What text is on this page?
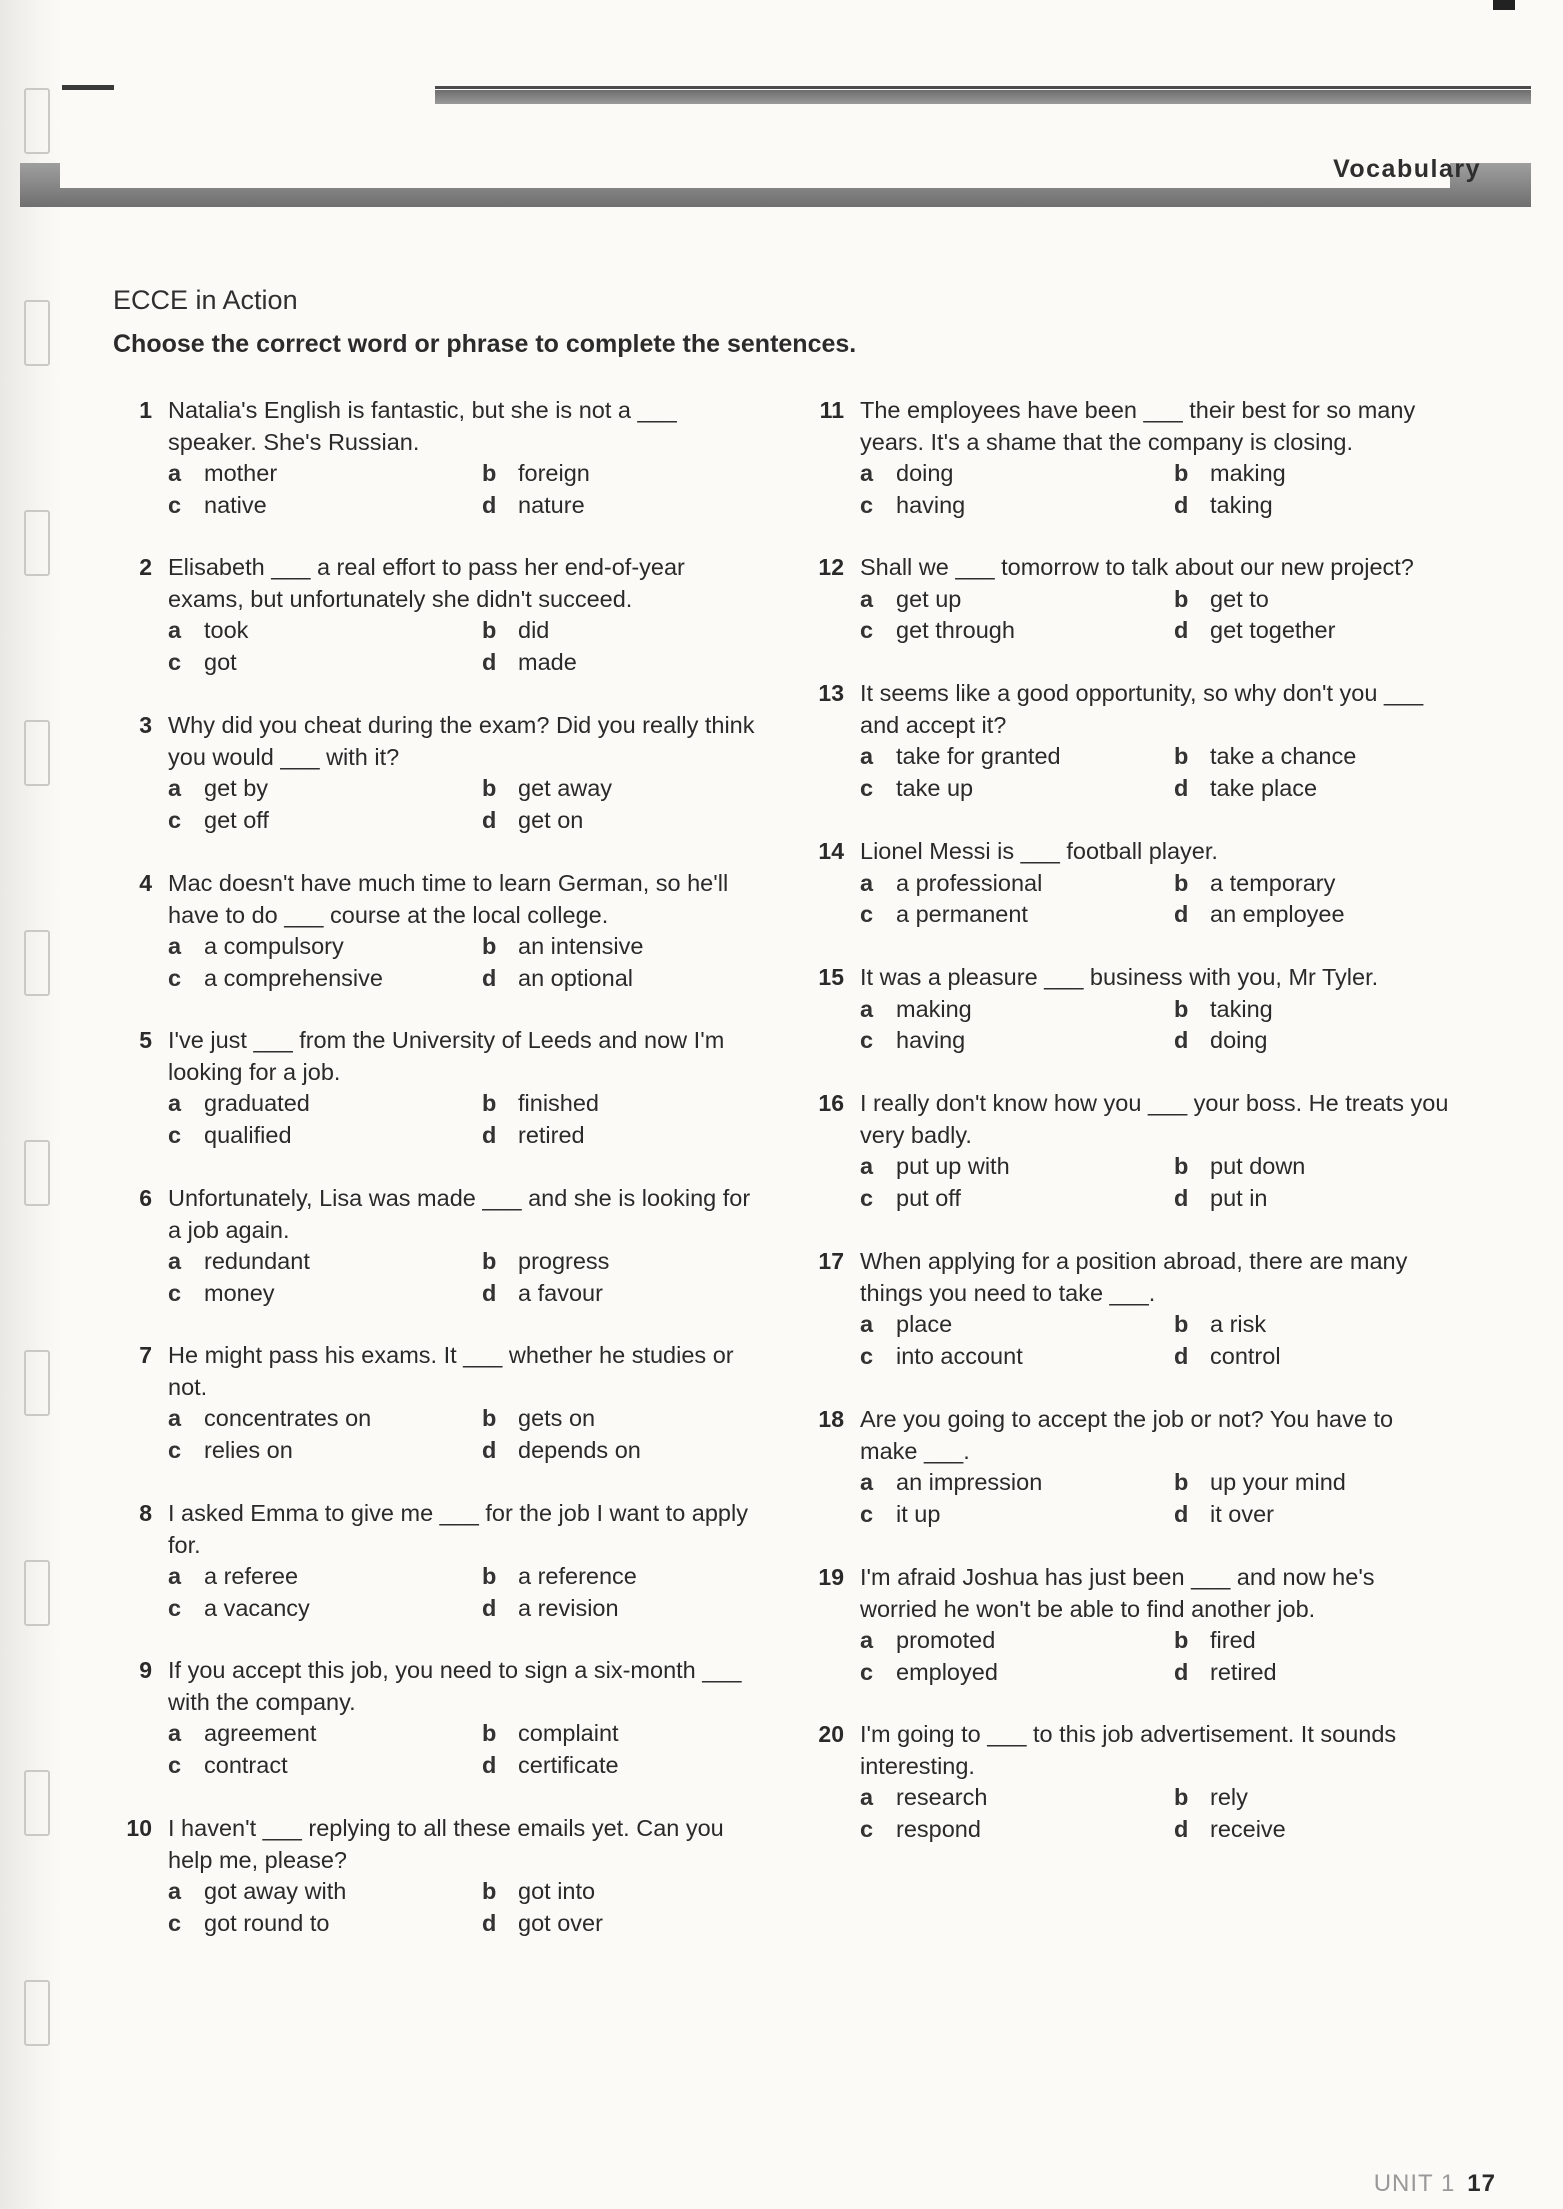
Vocabulary
ECCE in Action
Choose the correct word or phrase to complete the sentences.
1 Natalia's English is fantastic, but she is not a ___ speaker. She's Russian.
a mother	b foreign
c native	d nature
2 Elisabeth ___ a real effort to pass her end-of-year exams, but unfortunately she didn't succeed.
a took	b did
c got	d made
3 Why did you cheat during the exam? Did you really think you would ___ with it?
a get by	b get away
c get off	d get on
4 Mac doesn't have much time to learn German, so he'll have to do ___ course at the local college.
a a compulsory	b an intensive
c a comprehensive	d an optional
5 I've just ___ from the University of Leeds and now I'm looking for a job.
a graduated	b finished
c qualified	d retired
6 Unfortunately, Lisa was made ___ and she is looking for a job again.
a redundant	b progress
c money	d a favour
7 He might pass his exams. It ___ whether he studies or not.
a concentrates on	b gets on
c relies on	d depends on
8 I asked Emma to give me ___ for the job I want to apply for.
a a referee	b a reference
c a vacancy	d a revision
9 If you accept this job, you need to sign a six-month ___ with the company.
a agreement	b complaint
c contract	d certificate
10 I haven't ___ replying to all these emails yet. Can you help me, please?
a got away with	b got into
c got round to	d got over
11 The employees have been ___ their best for so many years. It's a shame that the company is closing.
a doing	b making
c having	d taking
12 Shall we ___ tomorrow to talk about our new project?
a get up	b get to
c get through	d get together
13 It seems like a good opportunity, so why don't you ___ and accept it?
a take for granted	b take a chance
c take up	d take place
14 Lionel Messi is ___ football player.
a a professional	b a temporary
c a permanent	d an employee
15 It was a pleasure ___ business with you, Mr Tyler.
a making	b taking
c having	d doing
16 I really don't know how you ___ your boss. He treats you very badly.
a put up with	b put down
c put off	d put in
17 When applying for a position abroad, there are many things you need to take ___.
a place	b a risk
c into account	d control
18 Are you going to accept the job or not? You have to make ___.
a an impression	b up your mind
c it up	d it over
19 I'm afraid Joshua has just been ___ and now he's worried he won't be able to find another job.
a promoted	b fired
c employed	d retired
20 I'm going to ___ to this job advertisement. It sounds interesting.
a research	b rely
c respond	d receive
UNIT 1 17
